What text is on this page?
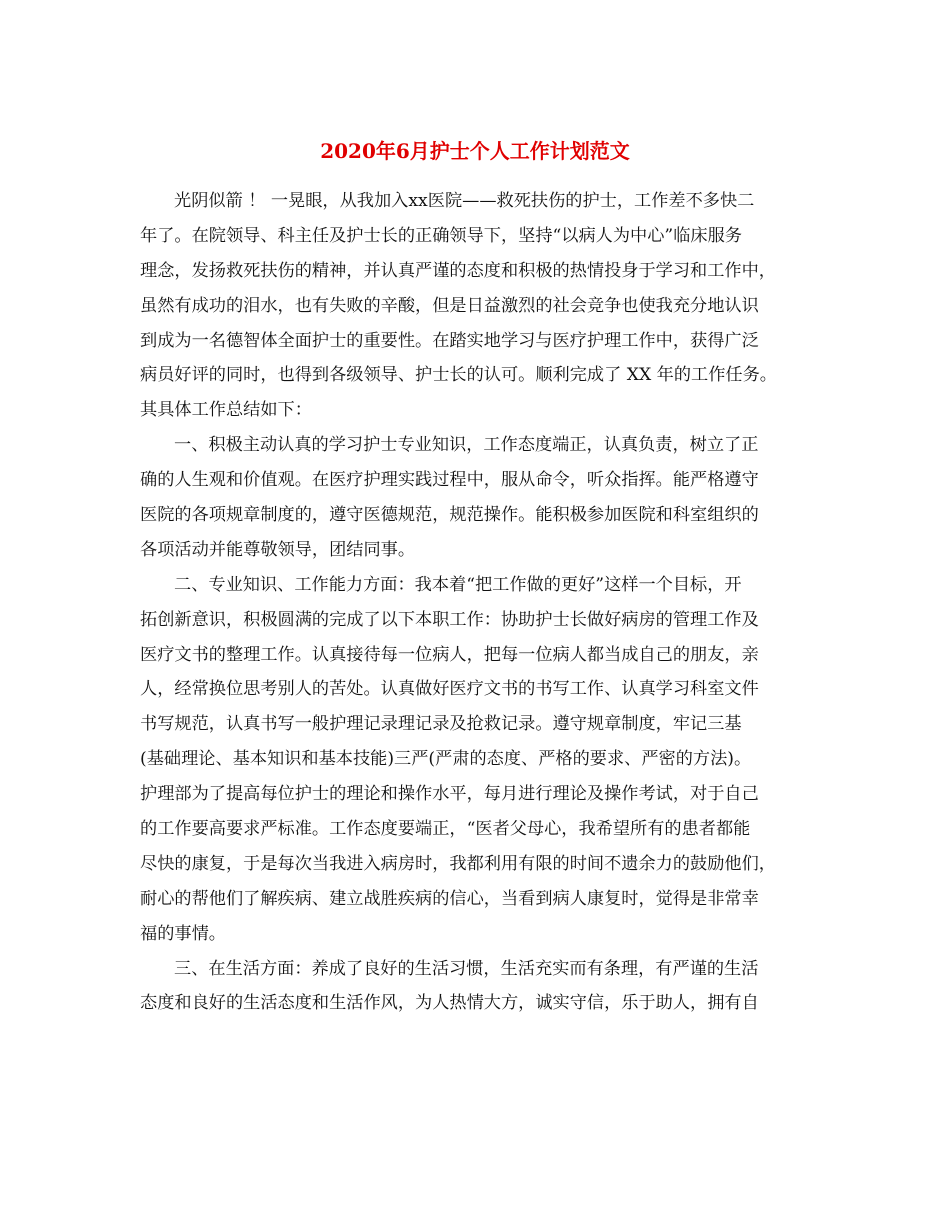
2020年6月护士个人工作计划范文
光阴似箭 ！ 一晃眼，从我加入xx医院——救死扶伤的护士，工作差不多快二
年了。在院领导、科主任及护士长的正确领导下，坚持“以病人为中心”临床服务
理念，发扬救死扶伤的精神，并认真严谨的态度和积极的热情投身于学习和工作中，
虽然有成功的泪水，也有失败的辛酸，但是日益激烈的社会竞争也使我充分地认识
到成为一名德智体全面护士的重要性。在踏实地学习与医疗护理工作中，获得广泛
病员好评的同时，也得到各级领导、护士长的认可。顺利完成了 XX 年的工作任务。
其具体工作总结如下：
一、积极主动认真的学习护士专业知识，工作态度端正，认真负责，树立了正
确的人生观和价值观。在医疗护理实践过程中，服从命令，听众指挥。能严格遵守
医院的各项规章制度的，遵守医德规范，规范操作。能积极参加医院和科室组织的
各项活动并能尊敬领导，团结同事。
二、专业知识、工作能力方面：我本着“把工作做的更好”这样一个目标，开
拓创新意识，积极圆满的完成了以下本职工作：协助护士长做好病房的管理工作及
医疗文书的整理工作。认真接待每一位病人，把每一位病人都当成自己的朋友，亲
人，经常换位思考别人的苦处。认真做好医疗文书的书写工作、认真学习科室文件
书写规范，认真书写一般护理记录理记录及抢救记录。遵守规章制度，牢记三基
(基础理论、基本知识和基本技能)三严(严肃的态度、严格的要求、严密的方法)。
护理部为了提高每位护士的理论和操作水平，每月进行理论及操作考试，对于自己
的工作要高要求严标准。工作态度要端正，“医者父母心，我希望所有的患者都能
尽快的康复，于是每次当我进入病房时，我都利用有限的时间不遗余力的鼓励他们，
耐心的帮他们了解疾病、建立战胜疾病的信心，当看到病人康复时，觉得是非常幸
福的事情。
三、在生活方面：养成了良好的生活习惯，生活充实而有条理，有严谨的生活
态度和良好的生活态度和生活作风，为人热情大方，诚实守信，乐于助人，拥有自
